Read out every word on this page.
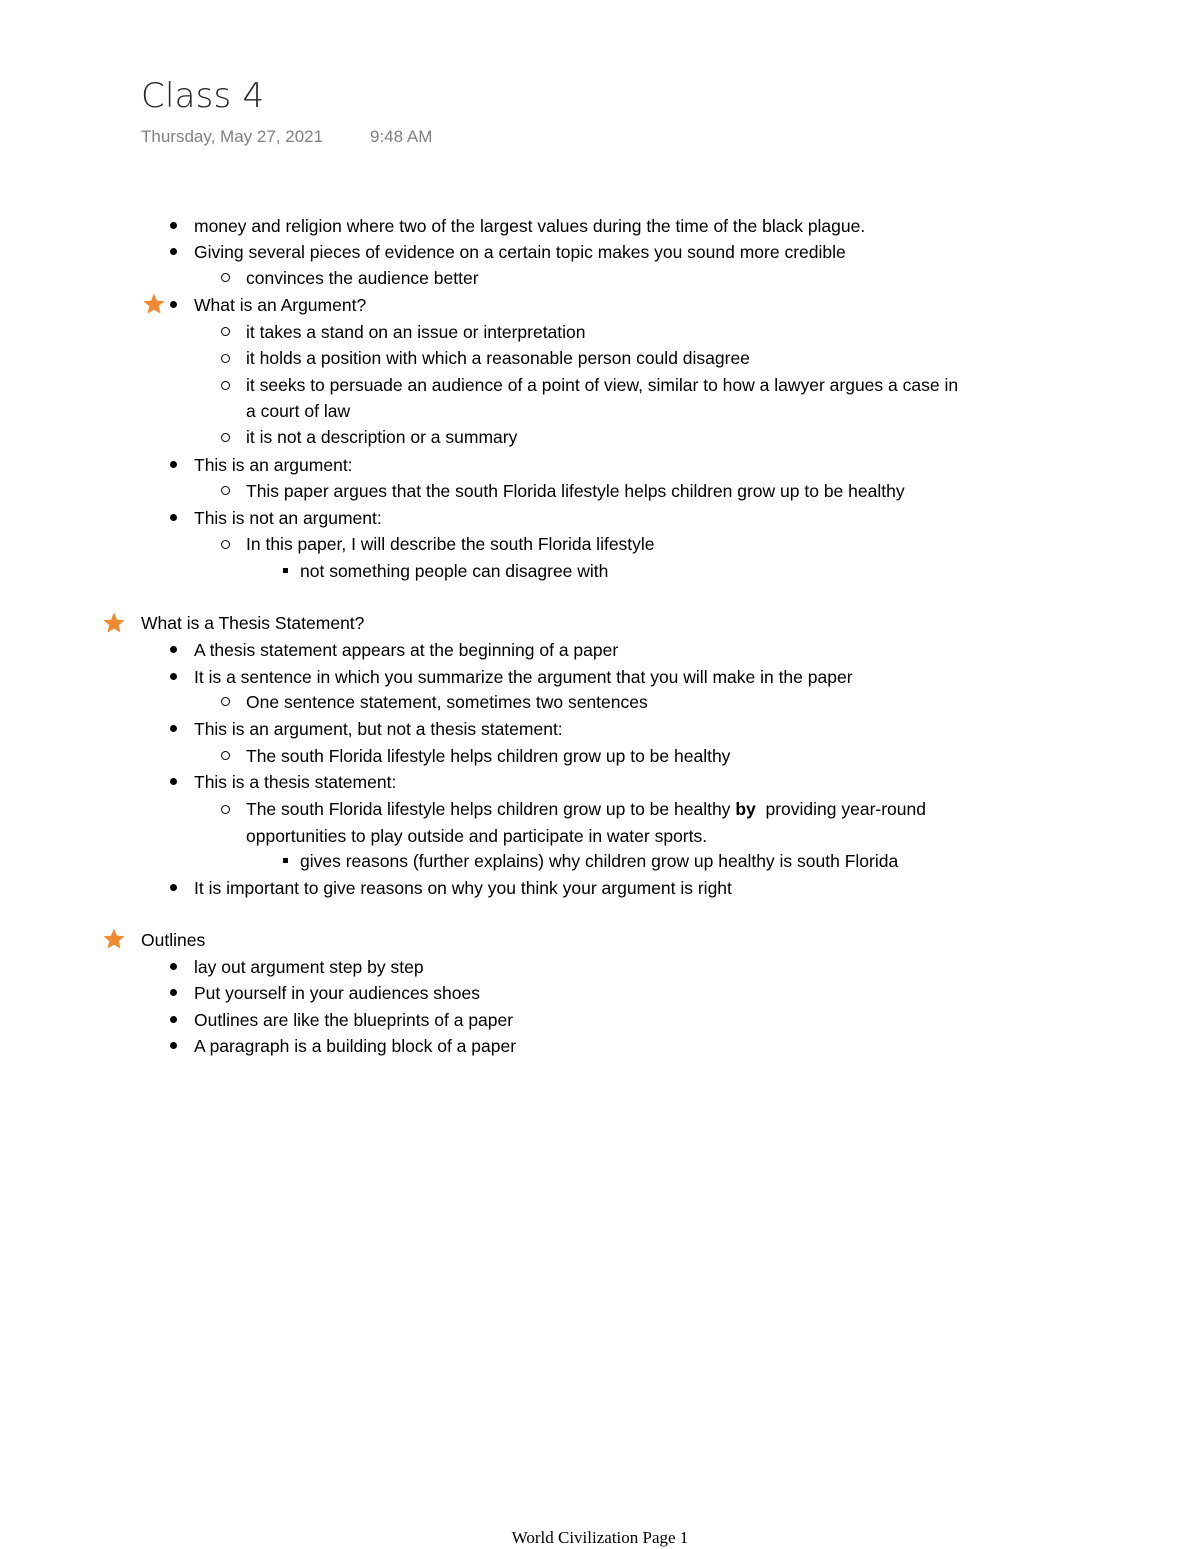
Class 4
Thursday, May 27, 2021	9:48 AM
money and religion where two of the largest values during the time of the black plague.
Giving several pieces of evidence on a certain topic makes you sound more credible
convinces the audience better
What is an Argument?
it takes a stand on an issue or interpretation
it holds a position with which a reasonable person could disagree
it seeks to persuade an audience of a point of view, similar to how a lawyer argues a case in
a court of law
it is not a description or a summary
This is an argument:
This paper argues that the south Florida lifestyle helps children grow up to be healthy
This is not an argument:
In this paper, I will describe the south Florida lifestyle
not something people can disagree with
What is a Thesis Statement?
A thesis statement appears at the beginning of a paper
It is a sentence in which you summarize the argument that you will make in the paper
One sentence statement, sometimes two sentences
This is an argument, but not a thesis statement:
The south Florida lifestyle helps children grow up to be healthy
This is a thesis statement:
The south Florida lifestyle helps children grow up to be healthy by  providing year-round
opportunities to play outside and participate in water sports.
gives reasons (further explains) why children grow up healthy is south Florida
It is important to give reasons on why you think your argument is right
Outlines
lay out argument step by step
Put yourself in your audiences shoes
Outlines are like the blueprints of a paper
A paragraph is a building block of a paper
World Civilization Page 1
